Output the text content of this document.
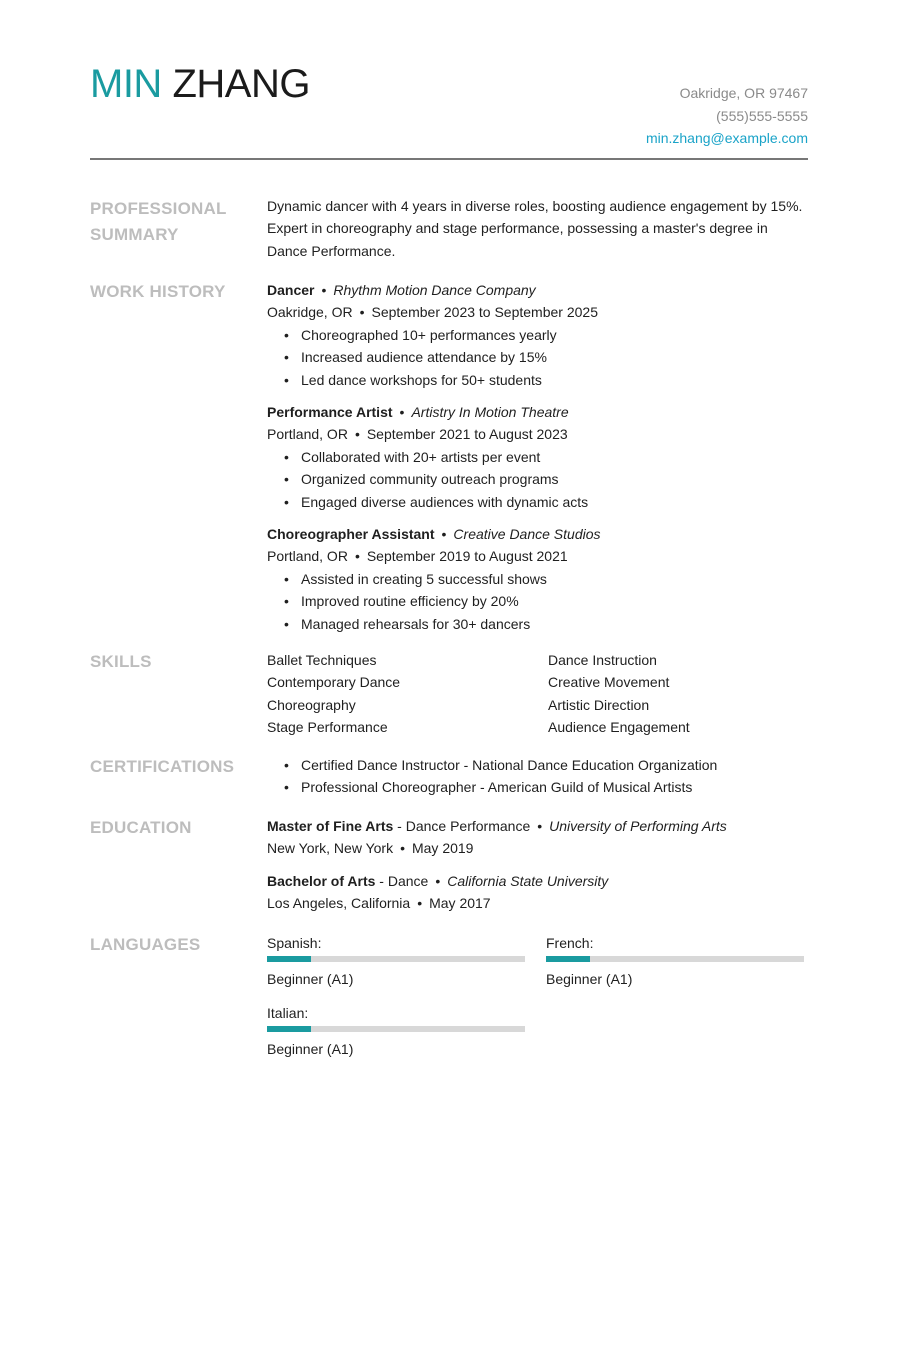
MIN ZHANG	Oakridge, OR 97467
(555)555-5555
min.zhang@example.com
PROFESSIONAL SUMMARY
Dynamic dancer with 4 years in diverse roles, boosting audience engagement by 15%. Expert in choreography and stage performance, possessing a master's degree in Dance Performance.
WORK HISTORY	Dancer • Rhythm Motion Dance Company
Oakridge, OR • September 2023 to September 2025
• Choreographed 10+ performances yearly
• Increased audience attendance by 15%
• Led dance workshops for 50+ students
Performance Artist • Artistry In Motion Theatre
Portland, OR • September 2021 to August 2023
• Collaborated with 20+ artists per event
• Organized community outreach programs
• Engaged diverse audiences with dynamic acts
Choreographer Assistant • Creative Dance Studios
Portland, OR • September 2019 to August 2021
• Assisted in creating 5 successful shows
• Improved routine efficiency by 20%
• Managed rehearsals for 30+ dancers
SKILLS	Ballet Techniques	Dance Instruction
Contemporary Dance	Creative Movement
Choreography	Artistic Direction
Stage Performance	Audience Engagement
CERTIFICATIONS
•	Certified Dance Instructor - National Dance Education Organization
• Professional Choreographer - American Guild of Musical Artists
EDUCATION	Master of Fine Arts - Dance Performance • University of Performing Arts
New York, New York • May 2019
Bachelor of Arts - Dance • California State University
Los Angeles, California • May 2017
LANGUAGES	Spanish:
Beginner (A1)
French:
Beginner (A1)
Italian:
Beginner (A1)
